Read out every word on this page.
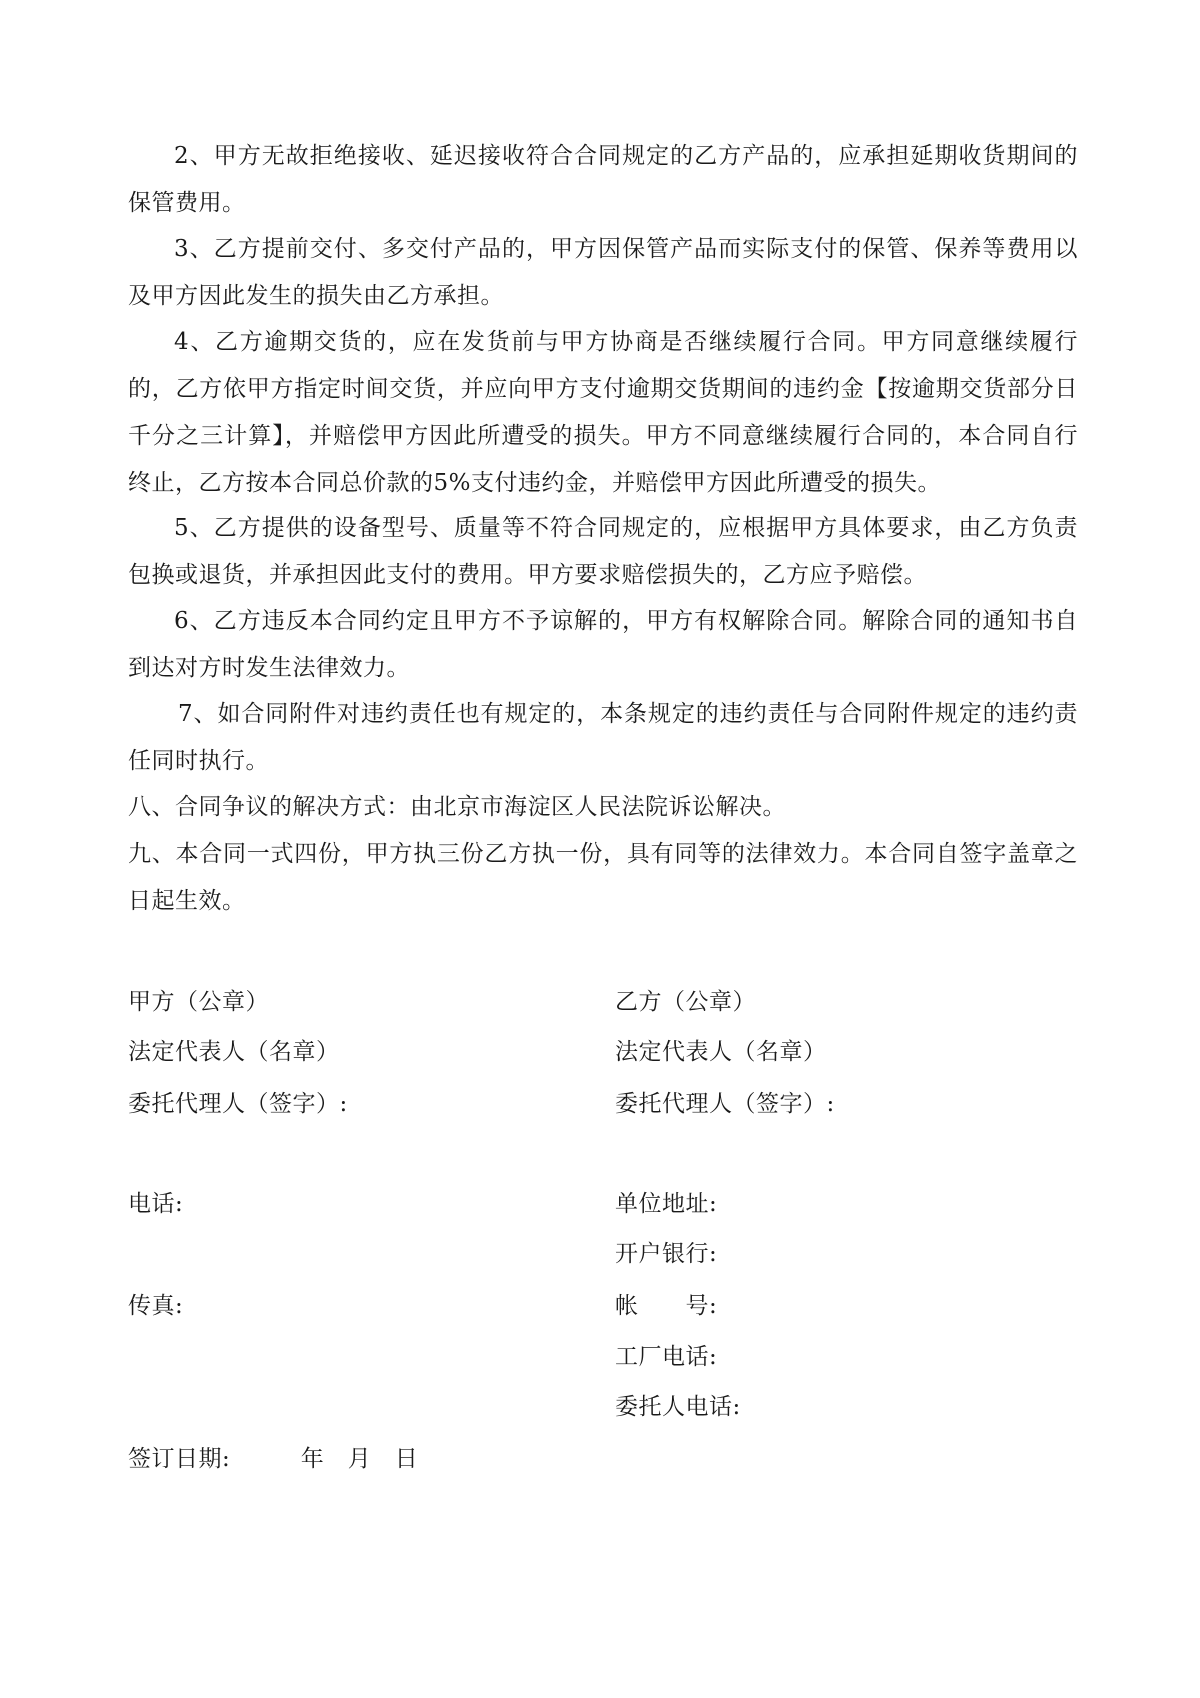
2、甲方无故拒绝接收、延迟接收符合合同规定的乙方产品的，应承担延期收货期间的保管费用。

3、乙方提前交付、多交付产品的，甲方因保管产品而实际支付的保管、保养等费用以及甲方因此发生的损失由乙方承担。

4、乙方逾期交货的，应在发货前与甲方协商是否继续履行合同。甲方同意继续履行的，乙方依甲方指定时间交货，并应向甲方支付逾期交货期间的违约金【按逾期交货部分日千分之三计算】，并赔偿甲方因此所遭受的损失。甲方不同意继续履行合同的，本合同自行终止，乙方按本合同总价款的5%支付违约金，并赔偿甲方因此所遭受的损失。

5、乙方提供的设备型号、质量等不符合同规定的，应根据甲方具体要求，由乙方负责包换或退货，并承担因此支付的费用。甲方要求赔偿损失的，乙方应予赔偿。

6、乙方违反本合同约定且甲方不予谅解的，甲方有权解除合同。解除合同的通知书自到达对方时发生法律效力。

7、如合同附件对违约责任也有规定的，本条规定的违约责任与合同附件规定的违约责任同时执行。

八、合同争议的解决方式：由北京市海淀区人民法院诉讼解决。

九、本合同一式四份，甲方执三份乙方执一份，具有同等的法律效力。本合同自签字盖章之日起生效。

甲方（公章）	乙方（公章）
法定代表人（名章）	法定代表人（名章）
委托代理人（签字）:	委托代理人（签字）:
电话:	单位地址:
开户银行:
传真:	帐　　号:
工厂电话:
委托人电话:
签订日期:　　　年　月　日
